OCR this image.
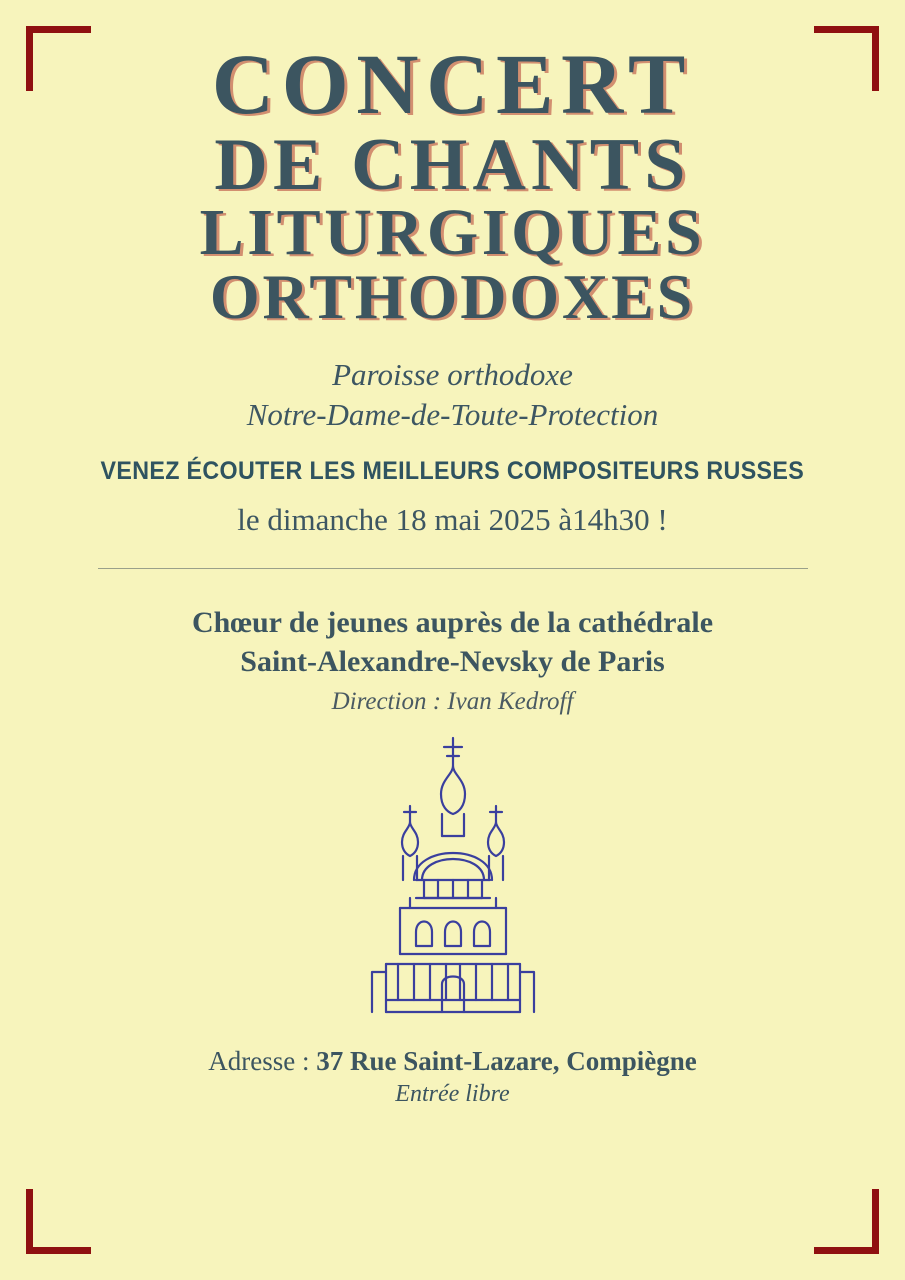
CONCERT
DE CHANTS
LITURGIQUES
ORTHODOXES
Paroisse orthodoxe
Notre-Dame-de-Toute-Protection
VENEZ ÉCOUTER LES MEILLEURS COMPOSITEURS RUSSES
le dimanche 18 mai 2025 à14h30 !
Chœur de jeunes auprès de la cathédrale
Saint-Alexandre-Nevsky de Paris
Direction : Ivan Kedroff
Adresse : 37 Rue Saint-Lazare, Compiègne
Entrée libre
